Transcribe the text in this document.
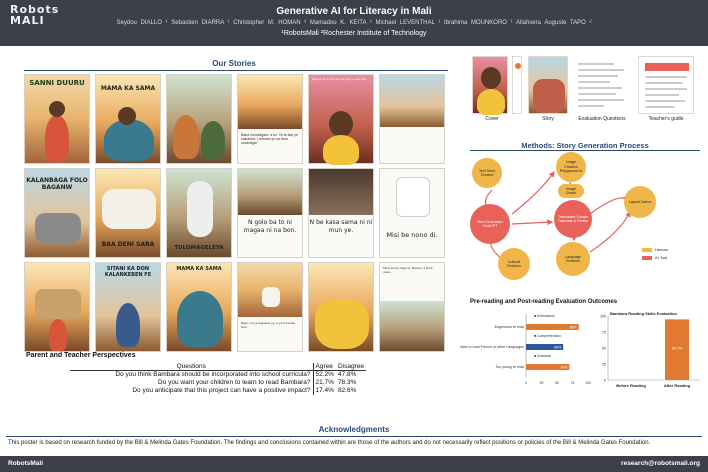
Robots
MALI
Generative AI for Literacy in Mali
Seydou DIALLO ¹ Sebastien DIARRA ¹ Christopher M. HOMAN ² Mamadou K. KEITA ¹ Michael LEVENTHAL ¹ Ibrahima MOUNKORO ¹ Allahsera Auguste TAPO ²
¹RobotsMali ²Rochester Institute of Technology
Our Stories
SANNI DUURU
MAMA KA SAMA
Baba nicondigara, a toi ' Ni ta fayi ye, zakuridia. I domani ye na fana nicondigar'
Mariya nieri munmun ka bolo ye san lolo...
KALANBAGA FOLO BAGANW
BAA DENI SABA	TULOMAGELEYA
N golo ba to ni magaa ni na bon.
N be kasa sama ni ni mun ye.
Misi be nono di.
SITANI KA DON KALANKEBEN FE
MAMA KA SAMA
Baso, n'a ye dugukolo ye, a y'a to ka taa bosi...
Muso ka fen dogo la, Mamou, a fa ka muso...
Parent and Teacher Perspectives
Questions	Agree	Disagree
Do you think Bambara should be incorporated into school curricula?	52.2%	47.8%
Do you want your children to learn to read Bambara?	21.7%	78.3%
Do you anticipate that this project can have a positive impact?	17.4%	82.6%
Cover	Story	Evaluation Questions	Teacher's guide
Methods: Story Generation Process
Text Seed Created
Text Generation ChatGPT
Cultural Revision
Image Creation Playground AI
Image Check
Translation Google Translate & Revise
Language Revision
Layout Canva
Human
AI Tool
Pre-reading and Post-reading Evaluation Outcomes
■ Enthusiasm
■ Comprehension
■ Grammar
Eagerness to read	85%
Able to read French or other Languages	60%
Too young to read	70%
0	25	50	75	100
Bambara Reading Skills Evaluation
100
75
50
25
0
Before Reading
94.7%
After Reading
Acknowledgments
This poster is based on research funded by the Bill & Melinda Gates Foundation. The findings and conclusions contained within are those of the authors and do not necessarily reflect positions or policies of the Bill & Melinda Gates Foundation.
RobotsMali	research@robotsmali.org
